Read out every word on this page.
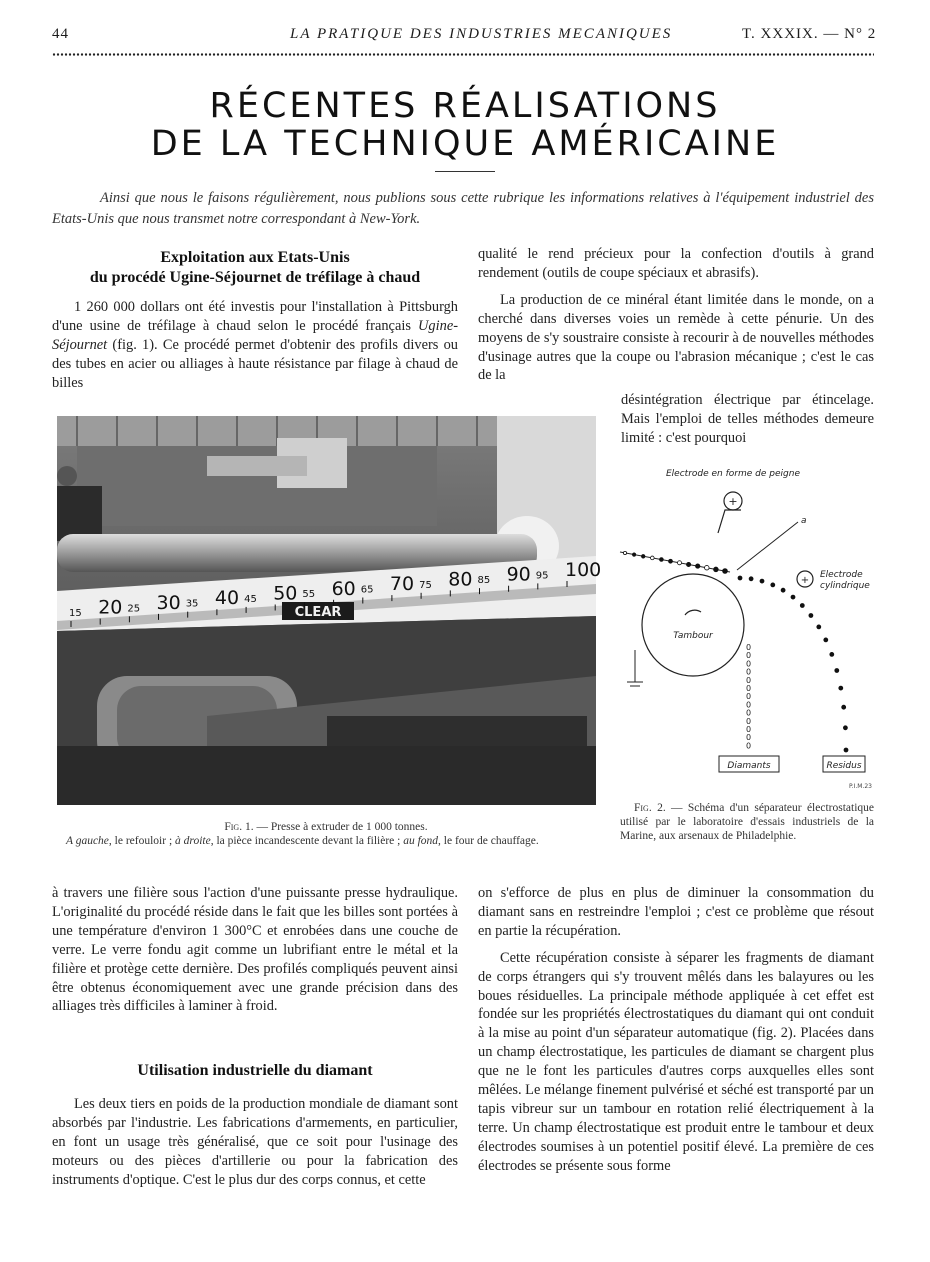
44	LA PRATIQUE DES INDUSTRIES MECANIQUES	T. XXXIX. — N° 2
RÉCENTES RÉALISATIONS
DE LA TECHNIQUE AMÉRICAINE
Ainsi que nous le faisons régulièrement, nous publions sous cette rubrique les informations relatives à l'équipement industriel des Etats-Unis que nous transmet notre correspondant à New-York.
Exploitation aux Etats-Unis
du procédé Ugine-Séjournet de tréfilage à chaud

1 260 000 dollars ont été investis pour l'installation à Pittsburgh d'une usine de tréfilage à chaud selon le procédé français Ugine-Séjournet (fig. 1). Ce procédé permet d'obtenir des profils divers ou des tubes en acier ou alliages à haute résistance par filage à chaud de billes

qualité le rend précieux pour la confection d'outils à grand rendement (outils de coupe spéciaux et abrasifs).

La production de ce minéral étant limitée dans le monde, on a cherché dans diverses voies un remède à cette pénurie. Un des moyens de s'y soustraire consiste à recourir à de nouvelles méthodes d'usinage autres que la coupe ou l'abrasion mécanique ; c'est le cas de la

désintégration électrique par étincelage. Mais l'emploi de telles méthodes demeure limité : c'est pourquoi
15 20 25 30 35 40 45 50 55 60 65 70 75 80 85 90 95 100
CLEAR
Fig. 1. — Presse à extruder de 1 000 tonnes.
A gauche, le refouloir ; à droite, la pièce incandescente devant la filière ; au fond, le four de chauffage.
Electrode en forme de peigne
+
a
Tambour
+ Electrode
cylindrique
0
0
0
0
0
0
0
0
0
0
0
0
0
Diamants	Residus
P.I.M.23
Fig. 2. — Schéma d'un séparateur électrostatique utilisé par le laboratoire d'essais industriels de la Marine, aux arsenaux de Philadelphie.
à travers une filière sous l'action d'une puissante presse hydraulique. L'originalité du procédé réside dans le fait que les billes sont portées à une température d'environ 1 300°C et enrobées dans une couche de verre. Le verre fondu agit comme un lubrifiant entre le métal et la filière et protège cette dernière. Des profilés compliqués peuvent ainsi être obtenus économiquement avec une grande précision dans des alliages très difficiles à laminer à froid.
Utilisation industrielle du diamant

Les deux tiers en poids de la production mondiale de diamant sont absorbés par l'industrie. Les fabrications d'armements, en particulier, en font un usage très généralisé, que ce soit pour l'usinage des moteurs ou des pièces d'artillerie ou pour la fabrication des instruments d'optique. C'est le plus dur des corps connus, et cette

on s'efforce de plus en plus de diminuer la consommation du diamant sans en restreindre l'emploi ; c'est ce problème que résout en partie la récupération.

Cette récupération consiste à séparer les fragments de diamant de corps étrangers qui s'y trouvent mêlés dans les balayures ou les boues résiduelles. La principale méthode appliquée à cet effet est fondée sur les propriétés électrostatiques du diamant qui ont conduit à la mise au point d'un séparateur automatique (fig. 2). Placées dans un champ électrostatique, les particules de diamant se chargent plus que ne le font les particules d'autres corps auxquelles elles sont mêlées. Le mélange finement pulvérisé et séché est transporté par un tapis vibreur sur un tambour en rotation relié électriquement à la terre. Un champ électrostatique est produit entre le tambour et deux électrodes soumises à un potentiel positif élevé. La première de ces électrodes se présente sous forme
